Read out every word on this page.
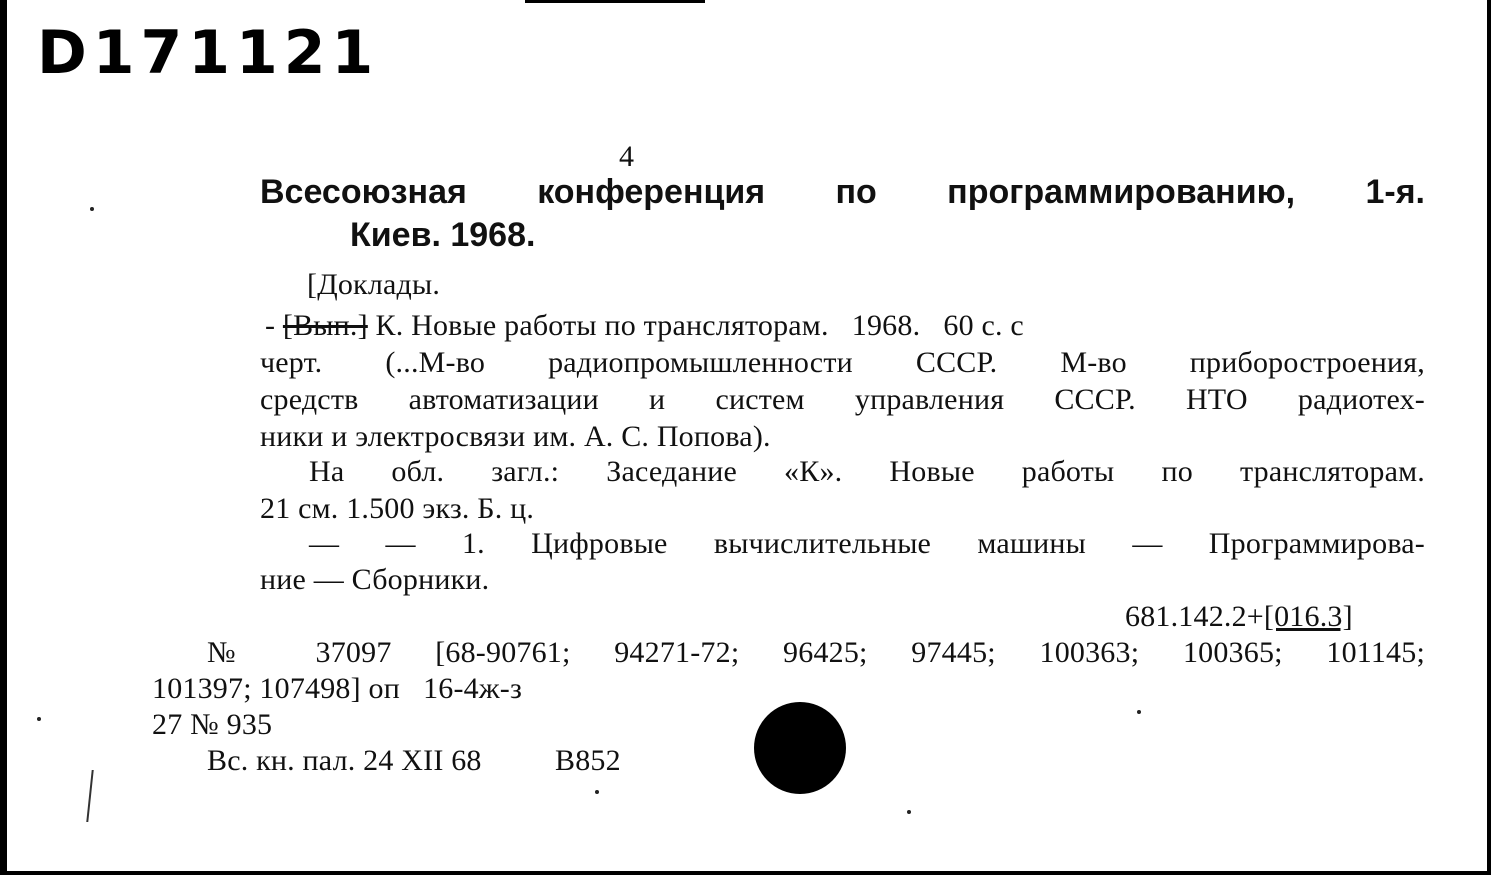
D171121
4
Всесоюзная конференция по программированию, 1-я.
Киев. 1968.
[Доклады.
- [Вып.] К. Новые работы по трансляторам.   1968.   60 с. с
черт. (...М-во радиопромышленности СССР. М-во приборостроения,
средств автоматизации и систем управления СССР. НТО радиотех-
ники и электросвязи им. А. С. Попова).
На обл. загл.: Заседание «К». Новые работы по трансляторам.
21 см. 1.500 экз. Б. ц.
— — 1. Цифровые вычислительные машины — Программирова-
ние — Сборники.
681.142.2+[016.3]
№ 37097 [68-90761; 94271-72; 96425; 97445; 100363; 100365; 101145;
101397; 107498] оп   16-4ж-з
27 № 935
Вс. кн. пал. 24 XII 68 В852
